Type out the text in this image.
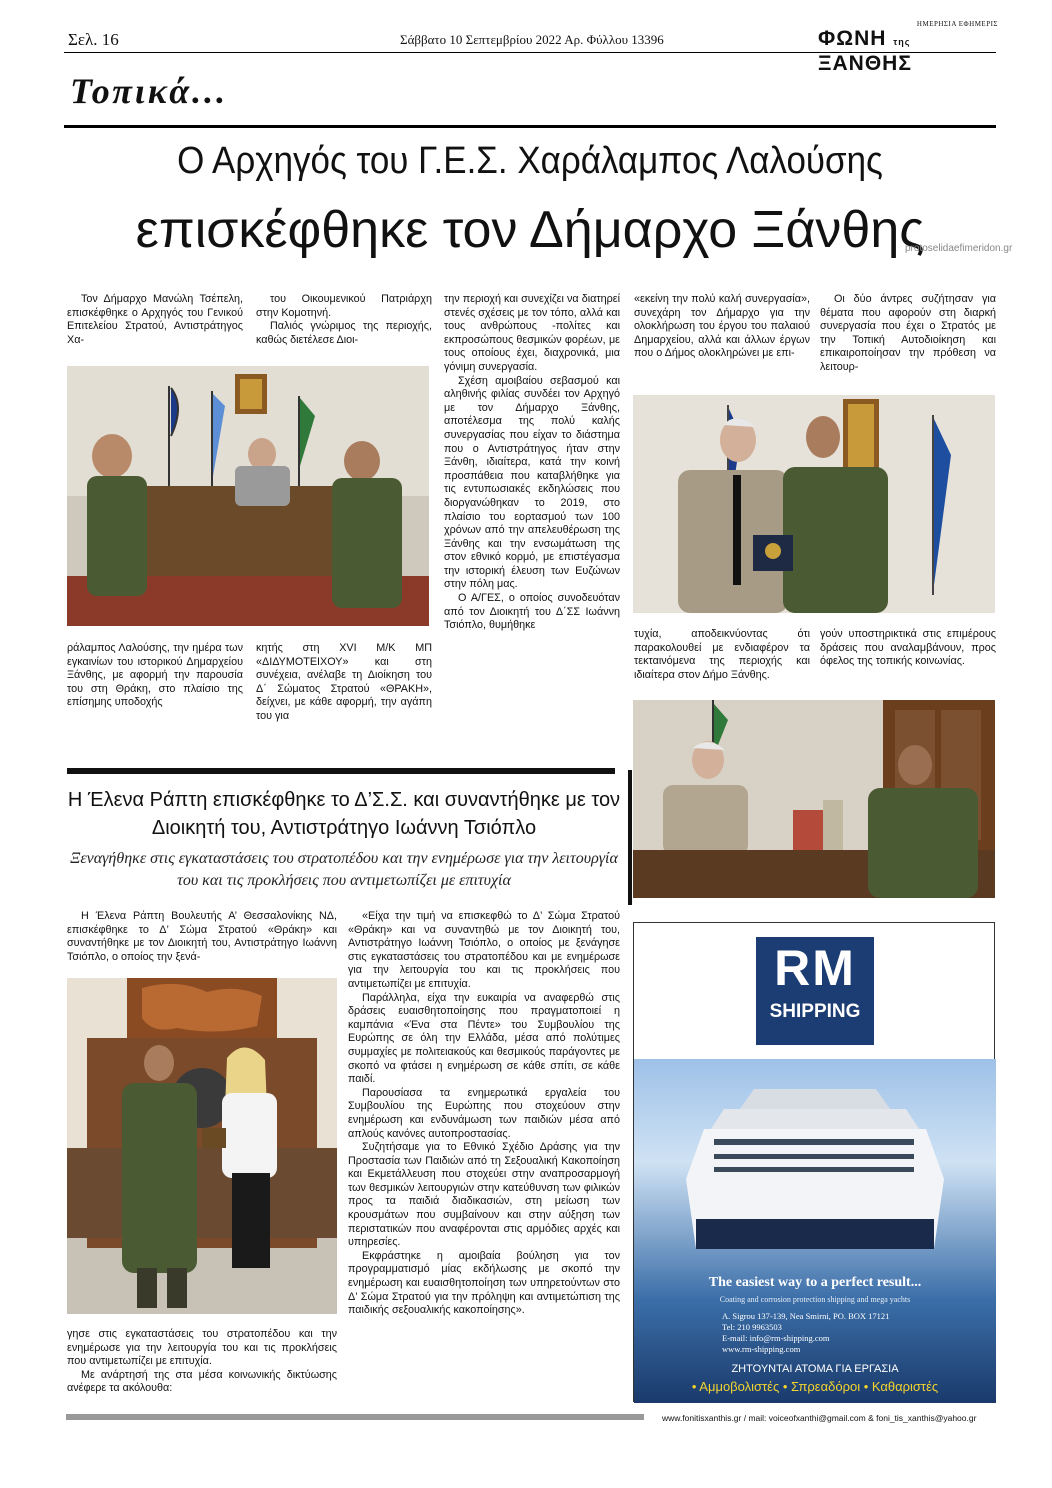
Σελ. 16	Σάββατο 10 Σεπτεμβρίου 2022 Αρ. Φύλλου 13396
ΗΜΕΡΗΣΙΑ ΕΦΗΜΕΡΙΣ
ΦΩΝΗ της ΞΑΝΘΗΣ
Τοπικά...
Ο Αρχηγός του Γ.Ε.Σ. Χαράλαμπος Λαλούσης
επισκέφθηκε τον Δήμαρχο Ξάνθης
protoselidaefimeridon.gr

Τον Δήμαρχο Μανώλη Τσέπελη, επισκέφθηκε ο Αρχηγός του Γενικού Επιτελείου Στρατού, Αντιστράτηγος Χα-

του Οικουμενικού Πατριάρχη στην Κομοτηνή.

Παλιός γνώριμος της περιοχής, καθώς διετέλεσε Διοι-

ράλαμπος Λαλούσης, την ημέρα των εγκαινίων του ιστορικού Δημαρχείου Ξάνθης, με αφορμή την παρουσία του στη Θράκη, στο πλαίσιο της επίσημης υποδοχής

κητής στη XVI Μ/Κ ΜΠ «ΔΙΔΥΜΟΤΕΙΧΟΥ» και στη συνέχεια, ανέλαβε τη Διοίκηση του Δ΄ Σώματος Στρατού «ΘΡΑΚΗ», δείχνει, με κάθε αφορμή, την αγάπη του για

την περιοχή και συνεχίζει να διατηρεί στενές σχέσεις με τον τόπο, αλλά και τους ανθρώπους -πολίτες και εκπροσώπους θεσμικών φορέων, με τους οποίους έχει, διαχρονικά, μια γόνιμη συνεργασία.

Σχέση αμοιβαίου σεβασμού και αληθινής φιλίας συνδέει τον Αρχηγό με τον Δήμαρχο Ξάνθης, αποτέλεσμα της πολύ καλής συνεργασίας που είχαν το διάστημα που ο Αντιστράτηγος ήταν στην Ξάνθη, ιδιαίτερα, κατά την κοινή προσπάθεια που καταβλήθηκε για τις εντυπωσιακές εκδηλώσεις που διοργανώθηκαν το 2019, στο πλαίσιο του εορτασμού των 100 χρόνων από την απελευθέρωση της Ξάνθης και την ενσωμάτωση της στον εθνικό κορμό, με επιστέγασμα την ιστορική έλευση των Ευζώνων στην πόλη μας.

Ο Α/ΓΕΣ, ο οποίος συνοδευόταν από τον Διοικητή του Δ΄ΣΣ Ιωάννη Τσιόπλο, θυμήθηκε

«εκείνη την πολύ καλή συνεργασία», συνεχάρη τον Δήμαρχο για την ολοκλήρωση του έργου του παλαιού Δημαρχείου, αλλά και άλλων έργων που ο Δήμος ολοκληρώνει με επι-

Οι δύο άντρες συζήτησαν για θέματα που αφορούν στη διαρκή συνεργασία που έχει ο Στρατός με την Τοπική Αυτοδιοίκηση και επικαιροποίησαν την πρόθεση να λειτουρ-

τυχία, αποδεικνύοντας ότι παρακολουθεί με ενδιαφέρον τα τεκταινόμενα της περιοχής και ιδιαίτερα στον Δήμο Ξάνθης.

γούν υποστηρικτικά στις επιμέρους δράσεις που αναλαμβάνουν, προς όφελος της τοπικής κοινωνίας.

Η Έλενα Ράπτη επισκέφθηκε το Δ’Σ.Σ. και συναντήθηκε με τον Διοικητή του, Αντιστράτηγο Ιωάννη Τσιόπλο
Ξεναγήθηκε στις εγκαταστάσεις του στρατοπέδου και την ενημέρωσε για την λειτουργία του και τις προκλήσεις που αντιμετωπίζει με επιτυχία

Η Έλενα Ράπτη Βουλευτής Α’ Θεσσαλονίκης ΝΔ, επισκέφθηκε το Δ’ Σώμα Στρατού «Θράκη» και συναντήθηκε με τον Διοικητή του, Αντιστράτηγο Ιωάννη Τσιόπλο, ο οποίος την ξενά-

γησε στις εγκαταστάσεις του στρατοπέδου και την ενημέρωσε για την λειτουργία του και τις προκλήσεις που αντιμετωπίζει με επιτυχία.

Με ανάρτησή της στα μέσα κοινωνικής δικτύωσης ανέφερε τα ακόλουθα:

«Είχα την τιμή να επισκεφθώ το Δ’ Σώμα Στρατού «Θράκη» και να συναντηθώ με τον Διοικητή του, Αντιστράτηγο Ιωάννη Τσιόπλο, ο οποίος με ξενάγησε στις εγκαταστάσεις του στρατοπέδου και με ενημέρωσε για την λειτουργία του και τις προκλήσεις που αντιμετωπίζει με επιτυχία.

Παράλληλα, είχα την ευκαιρία να αναφερθώ στις δράσεις ευαισθητοποίησης που πραγματοποιεί η καμπάνια «Ένα στα Πέντε» του Συμβουλίου της Ευρώπης σε όλη την Ελλάδα, μέσα από πολύτιμες συμμαχίες με πολιτειακούς και θεσμικούς παράγοντες με σκοπό να φτάσει η ενημέρωση σε κάθε σπίτι, σε κάθε παιδί.

Παρουσίασα τα ενημερωτικά εργαλεία του Συμβουλίου της Ευρώπης που στοχεύουν στην ενημέρωση και ενδυνάμωση των παιδιών μέσα από απλούς κανόνες αυτοπροστασίας.

Συζητήσαμε για το Εθνικό Σχέδιο Δράσης για την Προστασία των Παιδιών από τη Σεξουαλική Κακοποίηση και Εκμετάλλευση που στοχεύει στην αναπροσαρμογή των θεσμικών λειτουργιών στην κατεύθυνση των φιλικών προς τα παιδιά διαδικασιών, στη μείωση των κρουσμάτων που συμβαίνουν και στην αύξηση των περιστατικών που αναφέρονται στις αρμόδιες αρχές και υπηρεσίες.

Εκφράστηκε η αμοιβαία βούληση για τον προγραμματισμό μίας εκδήλωσης με σκοπό την ενημέρωση και ευαισθητοποίηση των υπηρετούντων στο Δ’ Σώμα Στρατού για την πρόληψη και αντιμετώπιση της παιδικής σεξουαλικής κακοποίησης».

RM
SHIPPING
The easiest way to a perfect result...
Coating and corrosion protection shipping and mega yachts
A. Sigrou 137-139, Nea Smirni, PO. BOX 17121
Tel: 210 9963503
E-mail: info@rm-shipping.com
www.rm-shipping.com
ΖΗΤΟΥΝΤΑΙ ΑΤΟΜΑ ΓΙΑ ΕΡΓΑΣΙΑ
• Αμμοβολιστές • Σπρεαδόροι • Καθαριστές
www.fonitisxanthis.gr / mail: voiceofxanthi@gmail.com & foni_tis_xanthis@yahoo.gr
